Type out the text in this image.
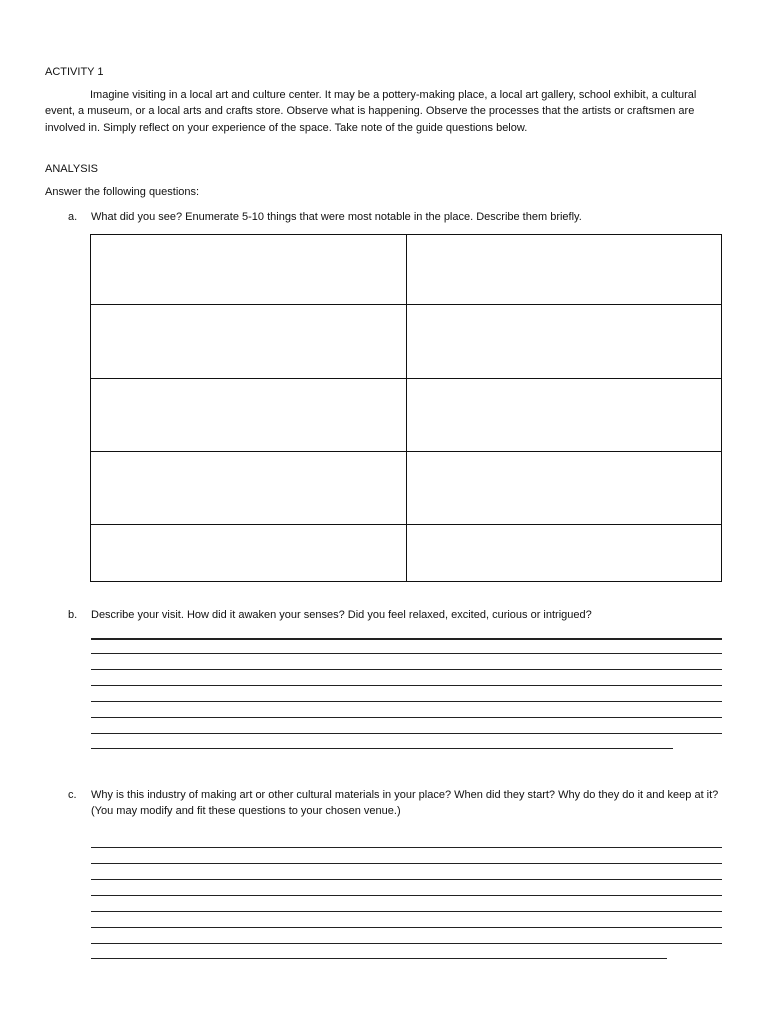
ACTIVITY 1
Imagine visiting in a local art and culture center. It may be a pottery-making place, a local art gallery, school exhibit, a cultural event, a museum, or a local arts and crafts store. Observe what is happening. Observe the processes that the artists or craftsmen are involved in. Simply reflect on your experience of the space. Take note of the guide questions below.
ANALYSIS
Answer the following questions:
a. What did you see? Enumerate 5-10 things that were most notable in the place. Describe them briefly.
b. Describe your visit. How did it awaken your senses? Did you feel relaxed, excited, curious or intrigued?
c. Why is this industry of making art or other cultural materials in your place? When did they start? Why do they do it and keep at it? (You may modify and fit these questions to your chosen venue.)
